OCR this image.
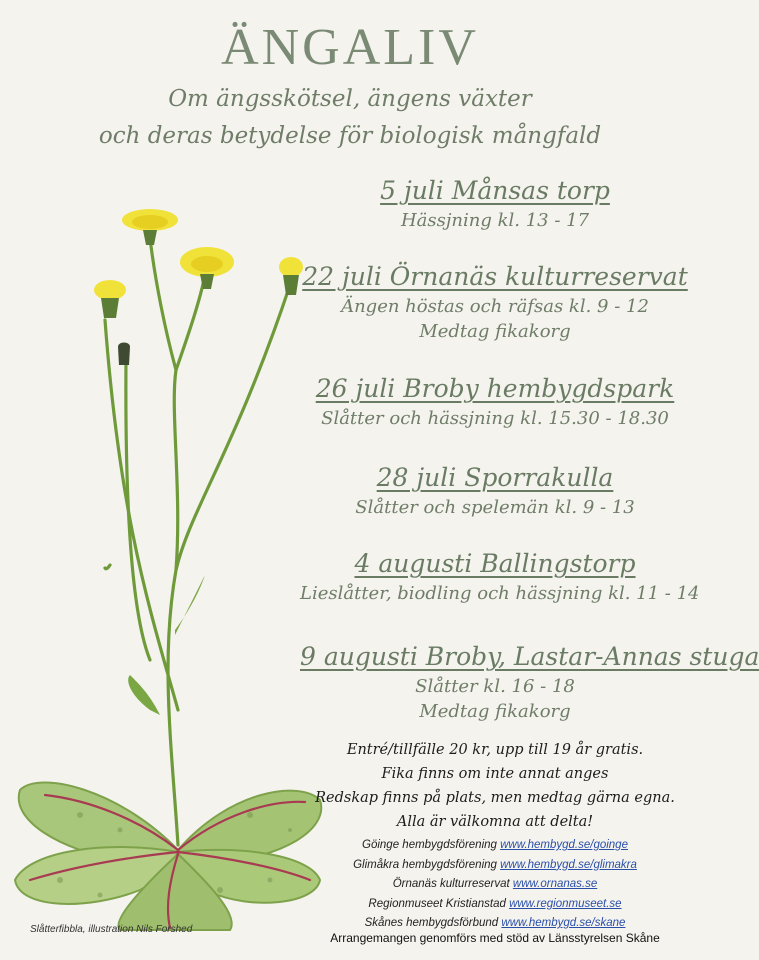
ÄNGALIV
Om ängsskötsel, ängens växter
och deras betydelse för biologisk mångfald
5 juli Månsas torp
Hässjning kl. 13 - 17
22 juli Örnanäs kulturreservat
Ängen höstas och räfsas kl. 9 - 12
Medtag fikakorg
26 juli Broby hembygdspark
Slåtter och hässjning kl. 15.30 - 18.30
28 juli Sporrakulla
Slåtter och spelemän kl. 9 - 13
4 augusti Ballingstorp
Lieslåtter, biodling och hässjning kl. 11 - 14
9 augusti Broby, Lastar-Annas stuga
Slåtter kl. 16 - 18
Medtag fikakorg
Entré/tillfälle 20 kr, upp till 19 år gratis.
Fika finns om inte annat anges
Redskap finns på plats, men medtag gärna egna.
Alla är välkomna att delta!
Göinge hembygdsförening www.hembygd.se/goinge
Glimåkra hembygdsförening www.hembygd.se/glimakra
Örnanäs kulturreservat www.ornanas.se
Regionmuseet Kristianstad www.regionmuseet.se
Skånes hembygdsförbund www.hembygd.se/skane
Arrangemangen genomförs med stöd av Länsstyrelsen Skåne
Slåtterfibbla, illustration Nils Forshed
